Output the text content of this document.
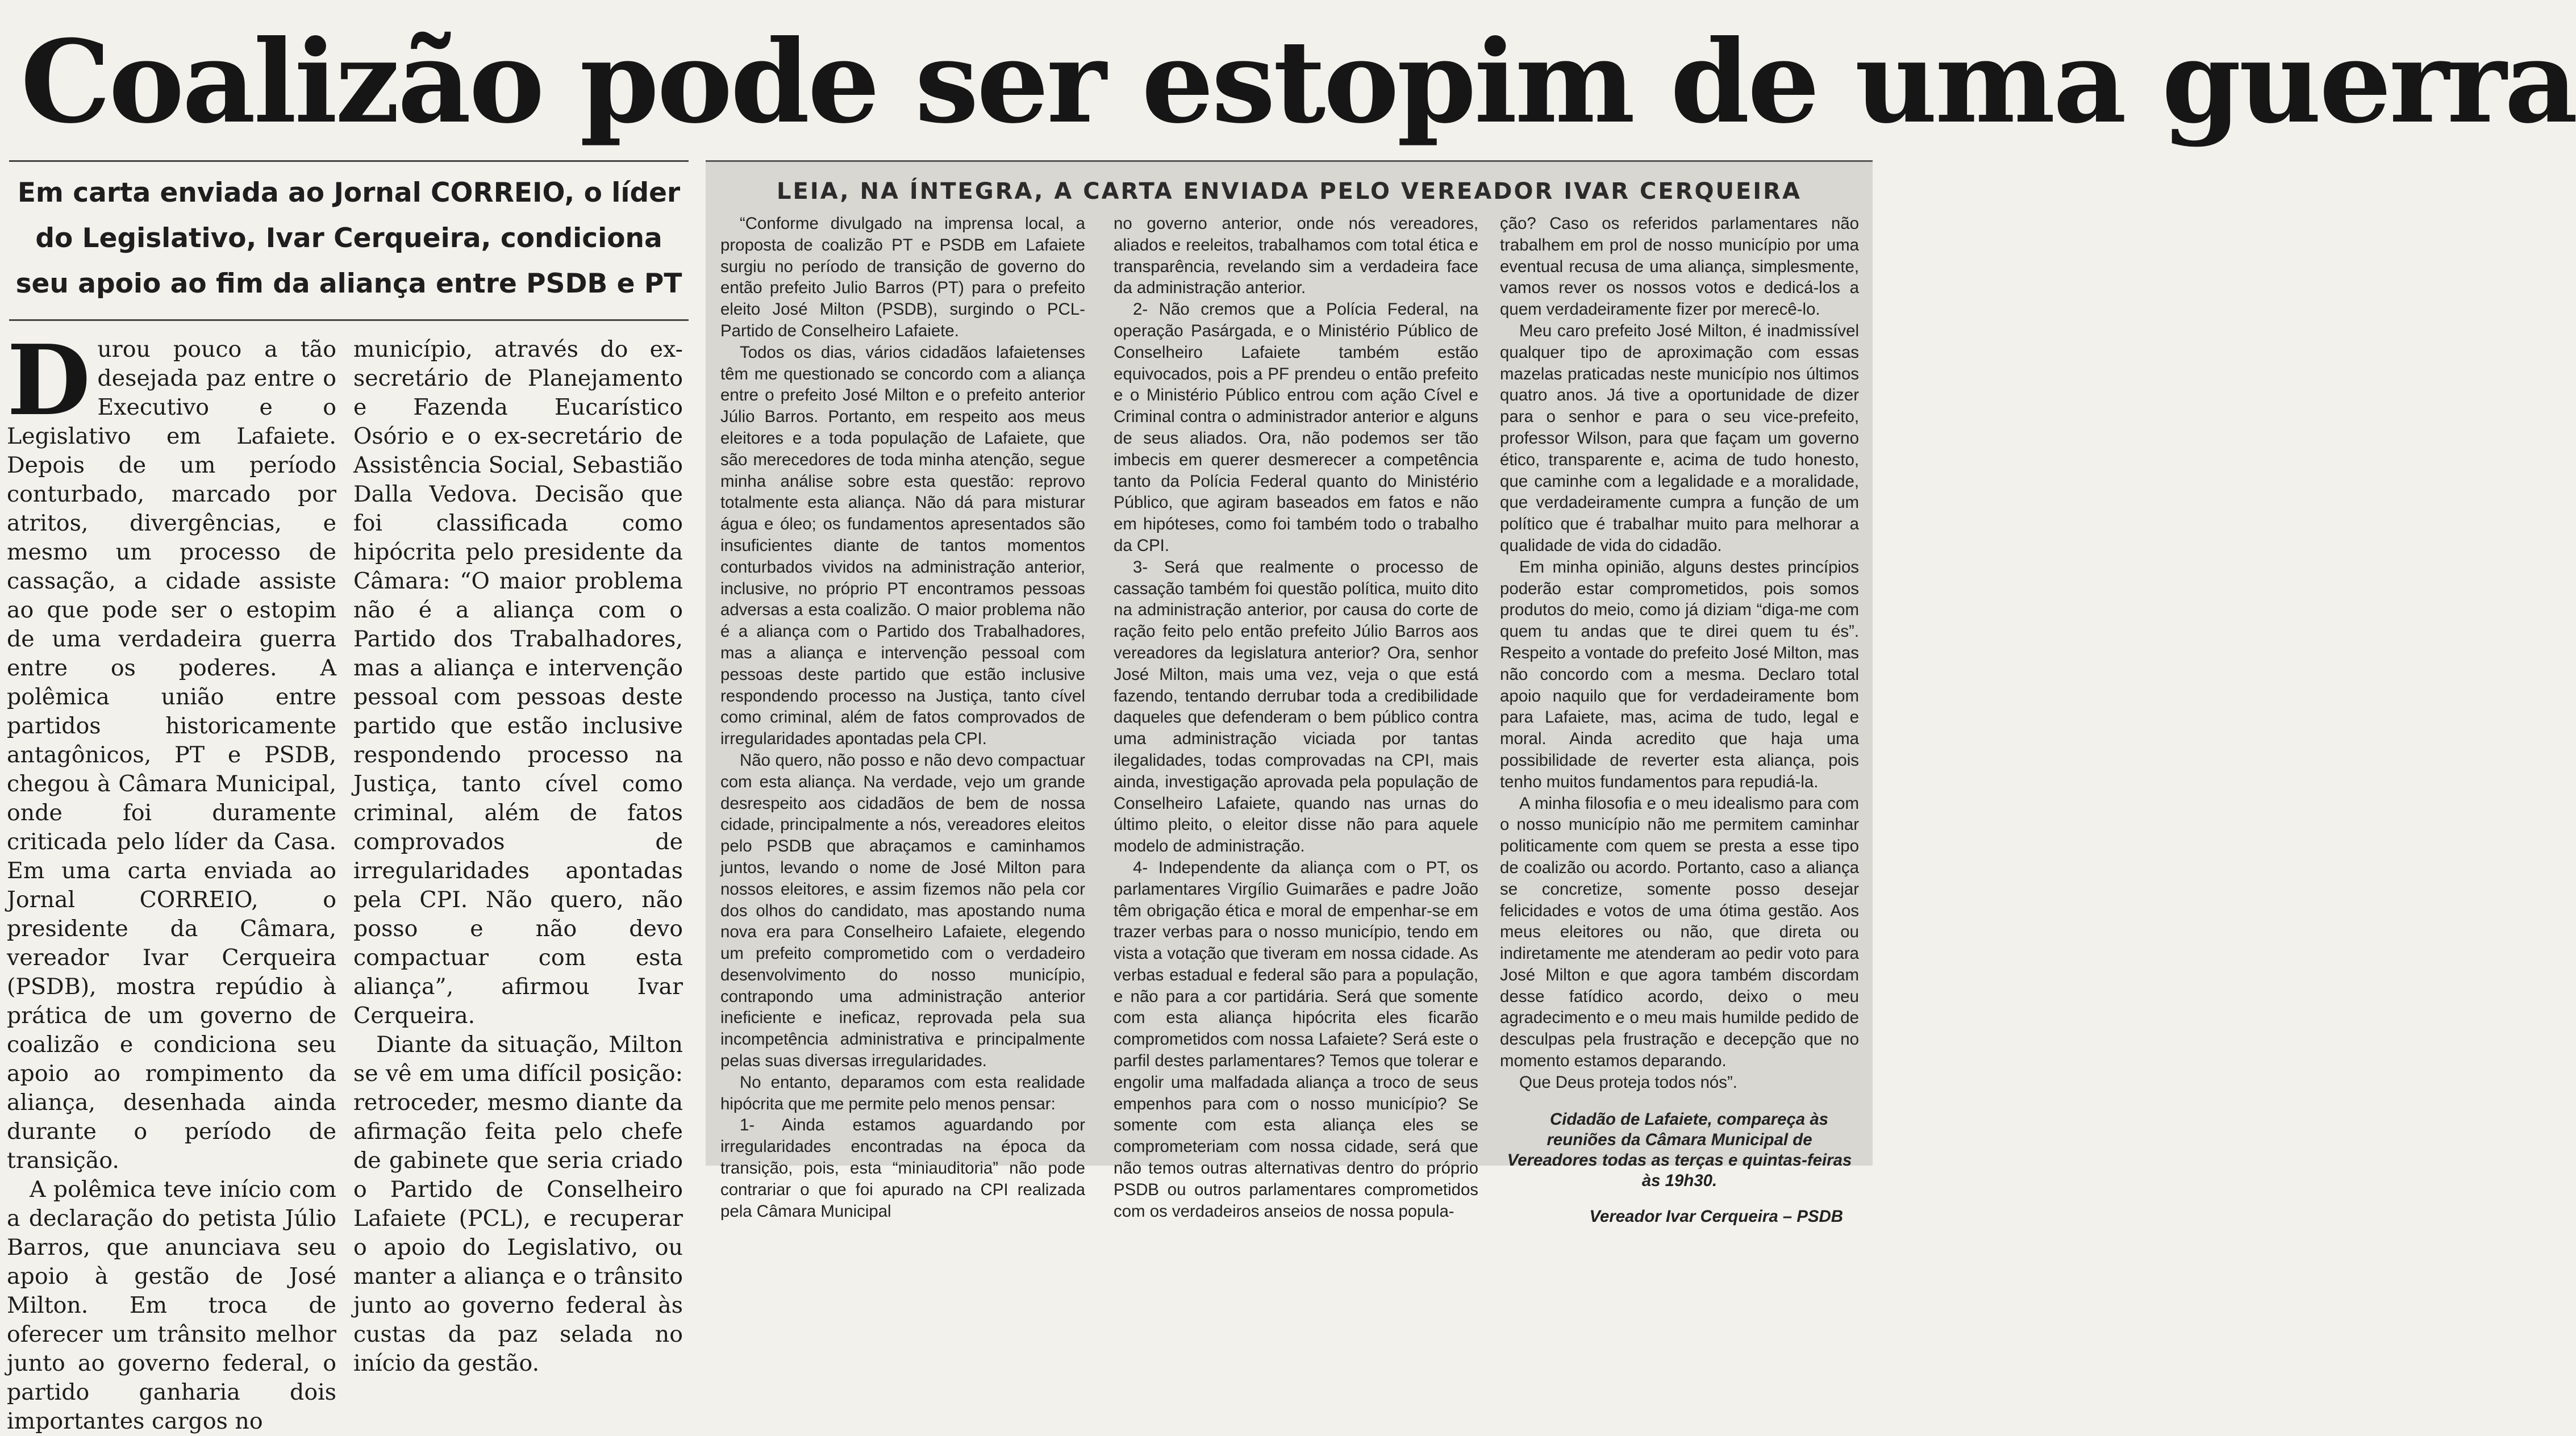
Coalizão pode ser estopim de uma guerra
Em carta enviada ao Jornal CORREIO, o líder do Legislativo, Ivar Cerqueira, condiciona seu apoio ao fim da aliança entre PSDB e PT

Durou pouco a tão desejada paz entre o Executivo e o Legislativo em Lafaiete. Depois de um período conturbado, marcado por atritos, divergências, e mesmo um processo de cassação, a cidade assiste ao que pode ser o estopim de uma verdadeira guerra entre os poderes. A polêmica união entre partidos historicamente antagônicos, PT e PSDB, chegou à Câmara Municipal, onde foi duramente criticada pelo líder da Casa. Em uma carta enviada ao Jornal CORREIO, o presidente da Câmara, vereador Ivar Cerqueira (PSDB), mostra repúdio à prática de um governo de coalizão e condiciona seu apoio ao rompimento da aliança, desenhada ainda durante o período de transição.

A polêmica teve início com a declaração do petista Júlio Barros, que anunciava seu apoio à gestão de José Milton. Em troca de oferecer um trânsito melhor junto ao governo federal, o partido ganharia dois importantes cargos no

município, através do ex-secretário de Planejamento e Fazenda Eucarístico Osório e o ex-secretário de Assistência Social, Sebastião Dalla Vedova. Decisão que foi classificada como hipócrita pelo presidente da Câmara: “O maior problema não é a aliança com o Partido dos Trabalhadores, mas a aliança e intervenção pessoal com pessoas deste partido que estão inclusive respondendo processo na Justiça, tanto cível como criminal, além de fatos comprovados de irregularidades apontadas pela CPI. Não quero, não posso e não devo compactuar com esta aliança”, afirmou Ivar Cerqueira.

Diante da situação, Milton se vê em uma difícil posição: retroceder, mesmo diante da afirmação feita pelo chefe de gabinete que seria criado o Partido de Conselheiro Lafaiete (PCL), e recuperar o apoio do Legislativo, ou manter a aliança e o trânsito junto ao governo federal às custas da paz selada no início da gestão.

LEIA, NA ÍNTEGRA, A CARTA ENVIADA PELO VEREADOR IVAR CERQUEIRA

“Conforme divulgado na imprensa local, a proposta de coalizão PT e PSDB em Lafaiete surgiu no período de transição de governo do então prefeito Julio Barros (PT) para o prefeito eleito José Milton (PSDB), surgindo o PCL-Partido de Conselheiro Lafaiete.

Todos os dias, vários cidadãos lafaietenses têm me questionado se concordo com a aliança entre o prefeito José Milton e o prefeito anterior Júlio Barros. Portanto, em respeito aos meus eleitores e a toda população de Lafaiete, que são merecedores de toda minha atenção, segue minha análise sobre esta questão: reprovo totalmente esta aliança. Não dá para misturar água e óleo; os fundamentos apresentados são insuficientes diante de tantos momentos conturbados vividos na administração anterior, inclusive, no próprio PT encontramos pessoas adversas a esta coalizão. O maior problema não é a aliança com o Partido dos Trabalhadores, mas a aliança e intervenção pessoal com pessoas deste partido que estão inclusive respondendo processo na Justiça, tanto cível como criminal, além de fatos comprovados de irregularidades apontadas pela CPI.

Não quero, não posso e não devo compactuar com esta aliança. Na verdade, vejo um grande desrespeito aos cidadãos de bem de nossa cidade, principalmente a nós, vereadores eleitos pelo PSDB que abraçamos e caminhamos juntos, levando o nome de José Milton para nossos eleitores, e assim fizemos não pela cor dos olhos do candidato, mas apostando numa nova era para Conselheiro Lafaiete, elegendo um prefeito comprometido com o verdadeiro desenvolvimento do nosso município, contrapondo uma administração anterior ineficiente e ineficaz, reprovada pela sua incompetência administrativa e principalmente pelas suas diversas irregularidades.

No entanto, deparamos com esta realidade hipócrita que me permite pelo menos pensar:

1- Ainda estamos aguardando por irregularidades encontradas na época da transição, pois, esta “miniauditoria” não pode contrariar o que foi apurado na CPI realizada pela Câmara Municipal

no governo anterior, onde nós vereadores, aliados e reeleitos, trabalhamos com total ética e transparência, revelando sim a verdadeira face da administração anterior.

2- Não cremos que a Polícia Federal, na operação Pasárgada, e o Ministério Público de Conselheiro Lafaiete também estão equivocados, pois a PF prendeu o então prefeito e o Ministério Público entrou com ação Cível e Criminal contra o administrador anterior e alguns de seus aliados. Ora, não podemos ser tão imbecis em querer desmerecer a competência tanto da Polícia Federal quanto do Ministério Público, que agiram baseados em fatos e não em hipóteses, como foi também todo o trabalho da CPI.

3- Será que realmente o processo de cassação também foi questão política, muito dito na administração anterior, por causa do corte de ração feito pelo então prefeito Júlio Barros aos vereadores da legislatura anterior? Ora, senhor José Milton, mais uma vez, veja o que está fazendo, tentando derrubar toda a credibilidade daqueles que defenderam o bem público contra uma administração viciada por tantas ilegalidades, todas comprovadas na CPI, mais ainda, investigação aprovada pela população de Conselheiro Lafaiete, quando nas urnas do último pleito, o eleitor disse não para aquele modelo de administração.

4- Independente da aliança com o PT, os parlamentares Virgílio Guimarães e padre João têm obrigação ética e moral de empenhar-se em trazer verbas para o nosso município, tendo em vista a votação que tiveram em nossa cidade. As verbas estadual e federal são para a população, e não para a cor partidária. Será que somente com esta aliança hipócrita eles ficarão comprometidos com nossa Lafaiete? Será este o parfil destes parlamentares? Temos que tolerar e engolir uma malfadada aliança a troco de seus empenhos para com o nosso município? Se somente com esta aliança eles se comprometeriam com nossa cidade, será que não temos outras alternativas dentro do próprio PSDB ou outros parlamentares comprometidos com os verdadeiros anseios de nossa popula-

ção? Caso os referidos parlamentares não trabalhem em prol de nosso município por uma eventual recusa de uma aliança, simplesmente, vamos rever os nossos votos e dedicá-los a quem verdadeiramente fizer por merecê-lo.

Meu caro prefeito José Milton, é inadmissível qualquer tipo de aproximação com essas mazelas praticadas neste município nos últimos quatro anos. Já tive a oportunidade de dizer para o senhor e para o seu vice-prefeito, professor Wilson, para que façam um governo ético, transparente e, acima de tudo honesto, que caminhe com a legalidade e a moralidade, que verdadeiramente cumpra a função de um político que é trabalhar muito para melhorar a qualidade de vida do cidadão.

Em minha opinião, alguns destes princípios poderão estar comprometidos, pois somos produtos do meio, como já diziam “diga-me com quem tu andas que te direi quem tu és”. Respeito a vontade do prefeito José Milton, mas não concordo com a mesma. Declaro total apoio naquilo que for verdadeiramente bom para Lafaiete, mas, acima de tudo, legal e moral. Ainda acredito que haja uma possibilidade de reverter esta aliança, pois tenho muitos fundamentos para repudiá-la.

A minha filosofia e o meu idealismo para com o nosso município não me permitem caminhar politicamente com quem se presta a esse tipo de coalizão ou acordo. Portanto, caso a aliança se concretize, somente posso desejar felicidades e votos de uma ótima gestão. Aos meus eleitores ou não, que direta ou indiretamente me atenderam ao pedir voto para José Milton e que agora também discordam desse fatídico acordo, deixo o meu agradecimento e o meu mais humilde pedido de desculpas pela frustração e decepção que no momento estamos deparando.

Que Deus proteja todos nós”.

Cidadão de Lafaiete, compareça às reuniões da Câmara Municipal de Vereadores todas as terças e quintas-feiras às 19h30.

Vereador Ivar Cerqueira – PSDB
